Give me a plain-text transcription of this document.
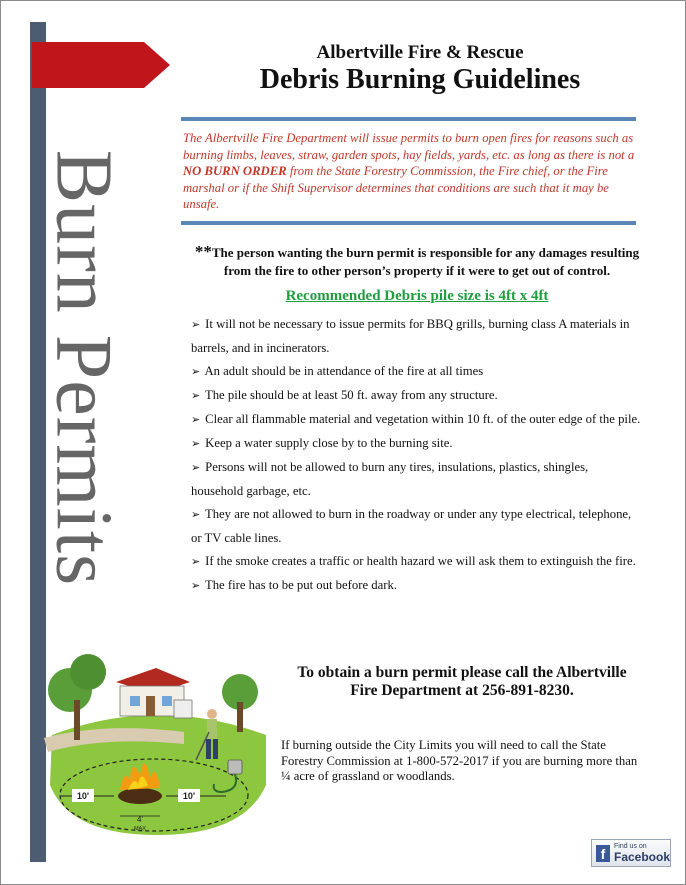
Burn Permits
Albertville Fire & Rescue
Debris Burning Guidelines
The Albertville Fire Department will issue permits to burn open fires for reasons such as burning limbs, leaves, straw, garden spots, hay fields, yards, etc. as long as there is not a NO BURN ORDER from the State Forestry Commission, the Fire chief, or the Fire marshal or if the Shift Supervisor determines that conditions are such that it may be unsafe.
**The person wanting the burn permit is responsible for any damages resulting from the fire to other person’s property if it were to get out of control.
Recommended Debris pile size is 4ft x 4ft
➢ It will not be necessary to issue permits for BBQ grills, burning class A materials in barrels, and in incinerators.
➢ An adult should be in attendance of the fire at all times
➢ The pile should be at least 50 ft. away from any structure.
➢ Clear all flammable material and vegetation within 10 ft. of the outer edge of the pile.
➢ Keep a water supply close by to the burning site.
➢ Persons will not be allowed to burn any tires, insulations, plastics, shingles, household garbage, etc.
➢ They are not allowed to burn in the roadway or under any type electrical, telephone, or TV cable lines.
➢ If the smoke creates a traffic or health hazard we will ask them to extinguish the fire.
➢ The fire has to be put out before dark.
10'	10'
4'
MAX
To obtain a burn permit please call the Albertville Fire Department at 256-891-8230.
If burning outside the City Limits you will need to call the State Forestry Commission at 1-800-572-2017 if you are burning more than ¼ acre of grassland or woodlands.
f	Find us on
Facebook
